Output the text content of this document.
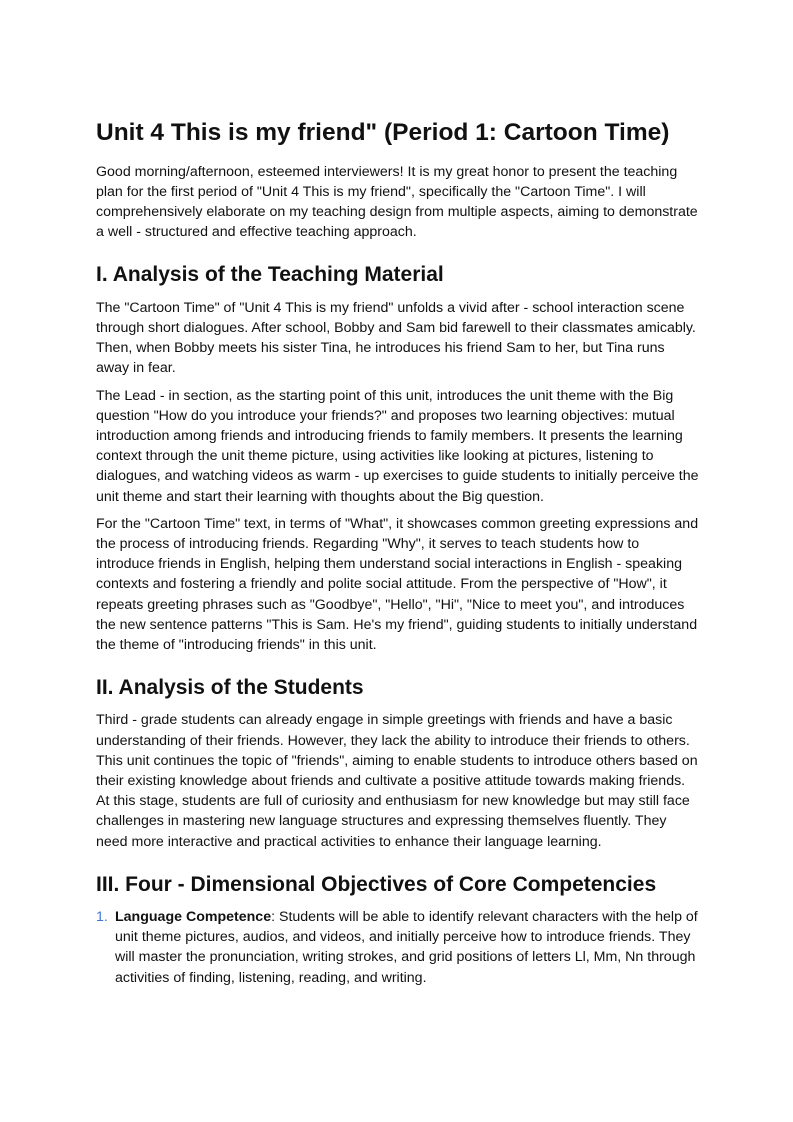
Unit 4 This is my friend" (Period 1: Cartoon Time)

Good morning/afternoon, esteemed interviewers! It is my great honor to present the teaching plan for the first period of "Unit 4 This is my friend", specifically the "Cartoon Time". I will comprehensively elaborate on my teaching design from multiple aspects, aiming to demonstrate a well - structured and effective teaching approach.

I. Analysis of the Teaching Material

The "Cartoon Time" of "Unit 4 This is my friend" unfolds a vivid after - school interaction scene through short dialogues. After school, Bobby and Sam bid farewell to their classmates amicably. Then, when Bobby meets his sister Tina, he introduces his friend Sam to her, but Tina runs away in fear.

The Lead - in section, as the starting point of this unit, introduces the unit theme with the Big question "How do you introduce your friends?" and proposes two learning objectives: mutual introduction among friends and introducing friends to family members. It presents the learning context through the unit theme picture, using activities like looking at pictures, listening to dialogues, and watching videos as warm - up exercises to guide students to initially perceive the unit theme and start their learning with thoughts about the Big question.

For the "Cartoon Time" text, in terms of "What", it showcases common greeting expressions and the process of introducing friends. Regarding "Why", it serves to teach students how to introduce friends in English, helping them understand social interactions in English - speaking contexts and fostering a friendly and polite social attitude. From the perspective of "How", it repeats greeting phrases such as "Goodbye", "Hello", "Hi", "Nice to meet you", and introduces the new sentence patterns "This is Sam. He's my friend", guiding students to initially understand the theme of "introducing friends" in this unit.

II. Analysis of the Students

Third - grade students can already engage in simple greetings with friends and have a basic understanding of their friends. However, they lack the ability to introduce their friends to others. This unit continues the topic of "friends", aiming to enable students to introduce others based on their existing knowledge about friends and cultivate a positive attitude towards making friends. At this stage, students are full of curiosity and enthusiasm for new knowledge but may still face challenges in mastering new language structures and expressing themselves fluently. They need more interactive and practical activities to enhance their language learning.

III. Four - Dimensional Objectives of Core Competencies
1. Language Competence: Students will be able to identify relevant characters with the help of unit theme pictures, audios, and videos, and initially perceive how to introduce friends. They will master the pronunciation, writing strokes, and grid positions of letters Ll, Mm, Nn through activities of finding, listening, reading, and writing.
